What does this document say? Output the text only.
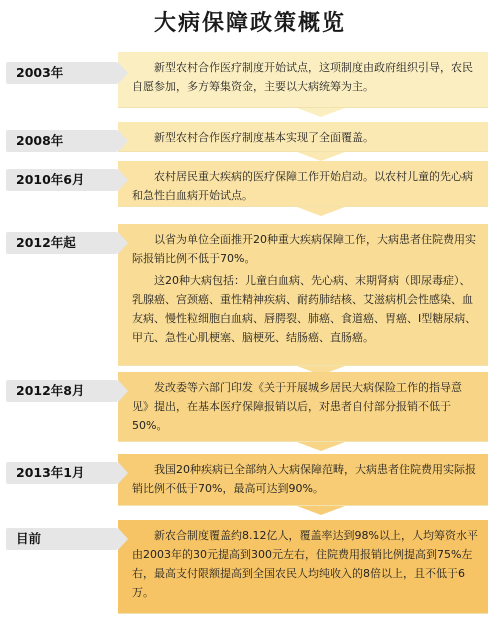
大病保障政策概览

新型农村合作医疗制度开始试点，这项制度由政府组织引导，农民自愿参加，多方筹集资金，主要以大病统筹为主。

2003年

新型农村合作医疗制度基本实现了全面覆盖。

2008年

农村居民重大疾病的医疗保障工作开始启动。以农村儿童的先心病和急性白血病开始试点。

2010年6月

以省为单位全面推开20种重大疾病保障工作，大病患者住院费用实际报销比例不低于70%。

这20种大病包括：儿童白血病、先心病、末期肾病（即尿毒症）、乳腺癌、宫颈癌、重性精神疾病、耐药肺结核、艾滋病机会性感染、血友病、慢性粒细胞白血病、唇腭裂、肺癌、食道癌、胃癌、I型糖尿病、甲亢、急性心肌梗塞、脑梗死、结肠癌、直肠癌。

2012年起

发改委等六部门印发《关于开展城乡居民大病保险工作的指导意见》提出，在基本医疗保障报销以后，对患者自付部分报销不低于50%。

2012年8月

我国20种疾病已全部纳入大病保障范畴，大病患者住院费用实际报销比例不低于70%，最高可达到90%。

2013年1月

新农合制度覆盖约8.12亿人，覆盖率达到98%以上，人均筹资水平由2003年的30元提高到300元左右，住院费用报销比例提高到75%左右，最高支付限额提高到全国农民人均纯收入的8倍以上，且不低于6万。

目前
